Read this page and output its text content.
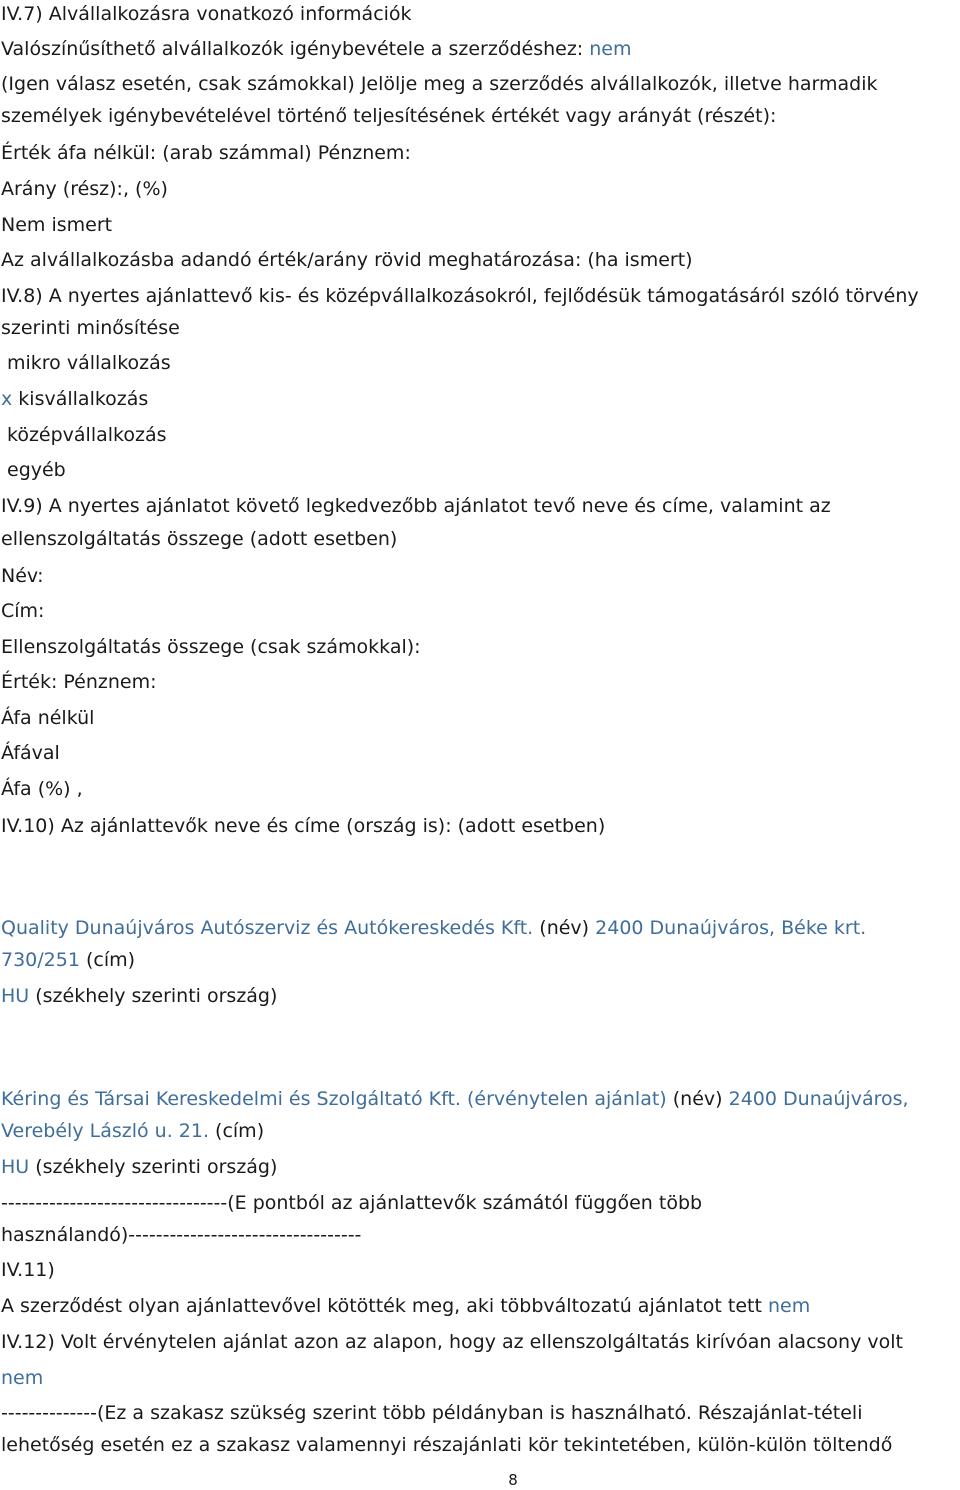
IV.7) Alvállalkozásra vonatkozó információk
Valószínűsíthető alvállalkozók igénybevétele a szerződéshez: nem
(Igen válasz esetén, csak számokkal) Jelölje meg a szerződés alvállalkozók, illetve harmadik
személyek igénybevételével történő teljesítésének értékét vagy arányát (részét):
Érték áfa nélkül: (arab számmal) Pénznem:
Arány (rész):, (%)
Nem ismert
Az alvállalkozásba adandó érték/arány rövid meghatározása: (ha ismert)
IV.8) A nyertes ajánlattevő kis- és középvállalkozásokról, fejlődésük támogatásáról szóló törvény
szerinti minősítése
mikro vállalkozás
x kisvállalkozás
középvállalkozás
egyéb
IV.9) A nyertes ajánlatot követő legkedvezőbb ajánlatot tevő neve és címe, valamint az
ellenszolgáltatás összege (adott esetben)
Név:
Cím:
Ellenszolgáltatás összege (csak számokkal):
Érték: Pénznem:
Áfa nélkül
Áfával
Áfa (%) ,
IV.10) Az ajánlattevők neve és címe (ország is): (adott esetben)
Quality Dunaújváros Autószerviz és Autókereskedés Kft. (név) 2400 Dunaújváros, Béke krt.
730/251 (cím)
HU (székhely szerinti ország)
Kéring és Társai Kereskedelmi és Szolgáltató Kft. (érvénytelen ajánlat) (név) 2400 Dunaújváros,
Verebély László u. 21. (cím)
HU (székhely szerinti ország)
---------------------------------(E pontból az ajánlattevők számától függően több
használandó)----------------------------------
IV.11)
A szerződést olyan ajánlattevővel kötötték meg, aki többváltozatú ajánlatot tett nem
IV.12) Volt érvénytelen ajánlat azon az alapon, hogy az ellenszolgáltatás kirívóan alacsony volt
nem
--------------(Ez a szakasz szükség szerint több példányban is használható. Részajánlat-tételi
lehetőség esetén ez a szakasz valamennyi részajánlati kör tekintetében, külön-külön töltendő
8
